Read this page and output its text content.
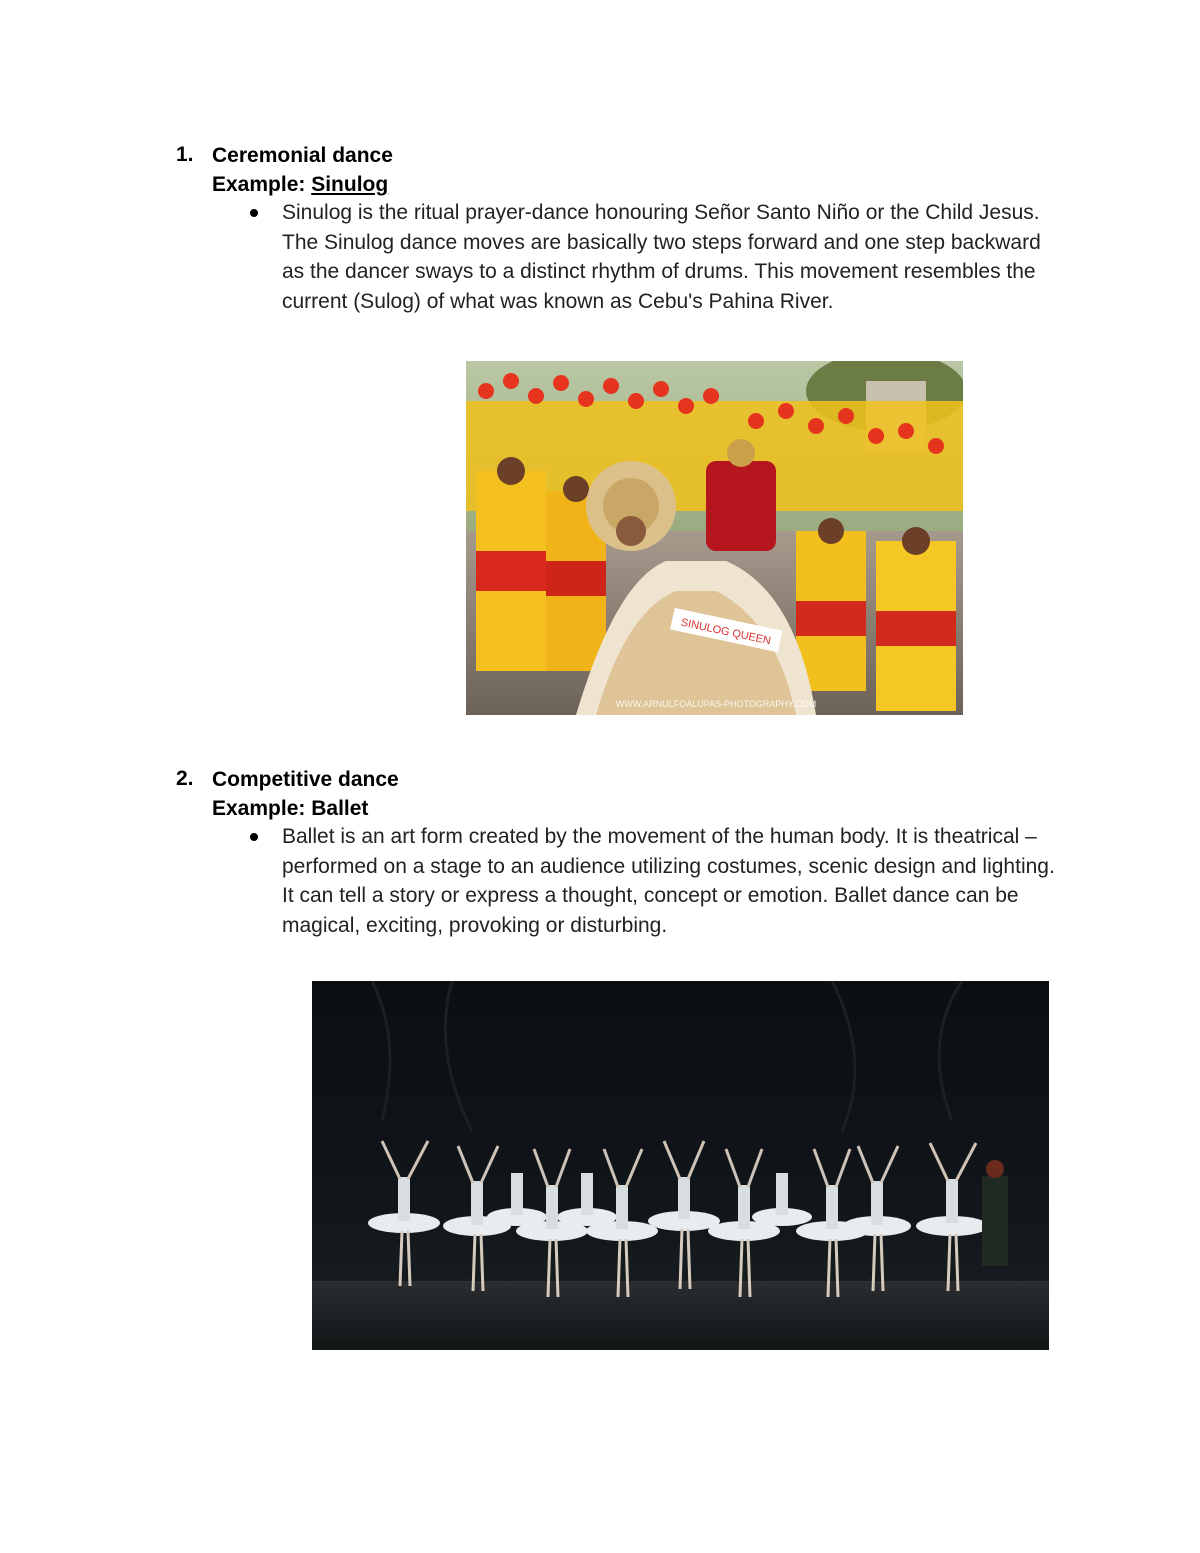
1. Ceremonial dance
Example: Sinulog
Sinulog is the ritual prayer-dance honouring Señor Santo Niño or the Child Jesus. The Sinulog dance moves are basically two steps forward and one step backward as the dancer sways to a distinct rhythm of drums. This movement resembles the current (Sulog) of what was known as Cebu's Pahina River.
SINULOG QUEEN
WWW.ARNULFOALUPAS-PHOTOGRAPHY.COM
2. Competitive dance
Example: Ballet
Ballet is an art form created by the movement of the human body. It is theatrical – performed on a stage to an audience utilizing costumes, scenic design and lighting. It can tell a story or express a thought, concept or emotion. Ballet dance can be magical, exciting, provoking or disturbing.
